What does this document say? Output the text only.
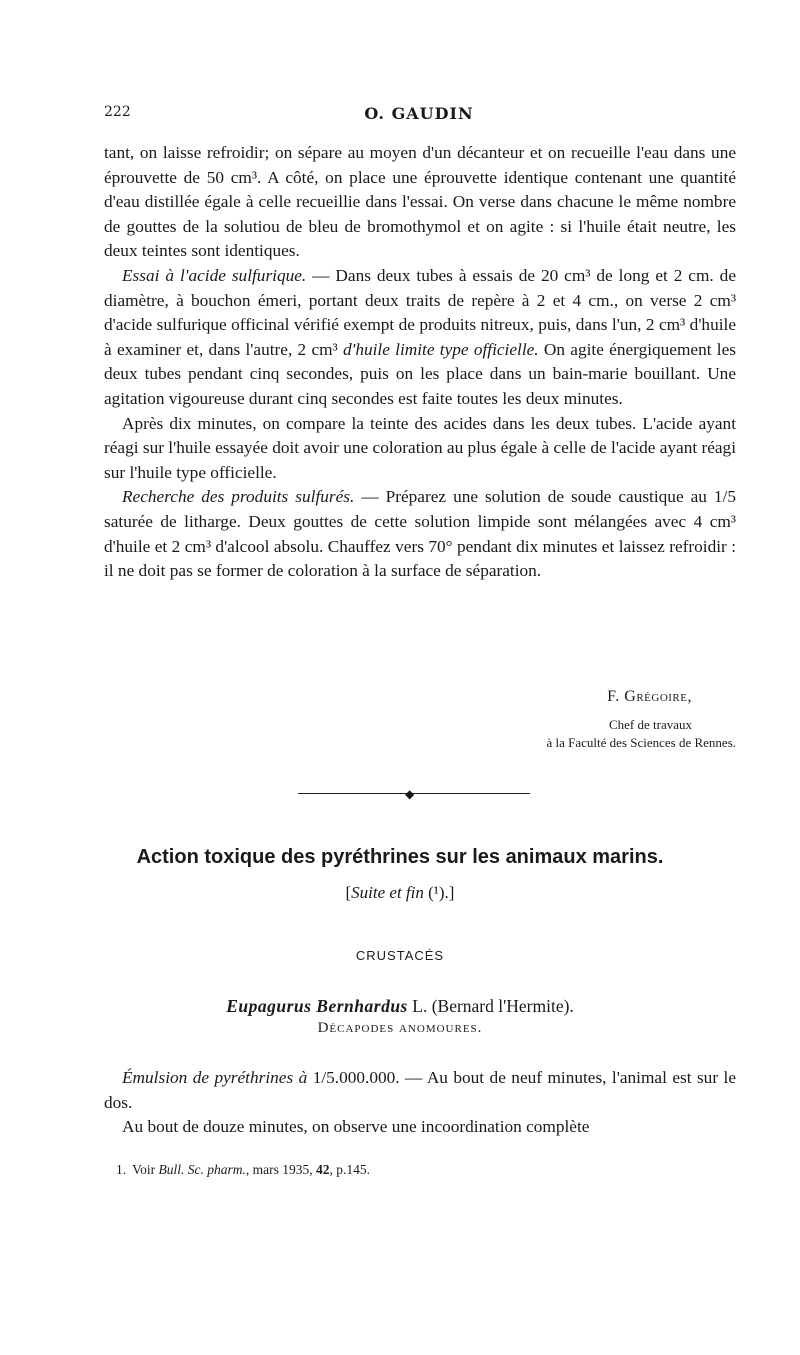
222	O. GAUDIN

tant, on laisse refroidir; on sépare au moyen d'un décanteur et on recueille l'eau dans une éprouvette de 50 cm³. A côté, on place une éprouvette identique contenant une quantité d'eau distillée égale à celle recueillie dans l'essai. On verse dans chacune le même nombre de gouttes de la solutiou de bleu de bromothymol et on agite : si l'huile était neutre, les deux teintes sont identiques.

Essai à l'acide sulfurique. — Dans deux tubes à essais de 20 cm³ de long et 2 cm. de diamètre, à bouchon émeri, portant deux traits de repère à 2 et 4 cm., on verse 2 cm³ d'acide sulfurique officinal vérifié exempt de produits nitreux, puis, dans l'un, 2 cm³ d'huile à examiner et, dans l'autre, 2 cm³ d'huile limite type officielle. On agite énergiquement les deux tubes pendant cinq secondes, puis on les place dans un bain-marie bouillant. Une agitation vigoureuse durant cinq secondes est faite toutes les deux minutes.

Après dix minutes, on compare la teinte des acides dans les deux tubes. L'acide ayant réagi sur l'huile essayée doit avoir une coloration au plus égale à celle de l'acide ayant réagi sur l'huile type officielle.

Recherche des produits sulfurés. — Préparez une solution de soude caustique au 1/5 saturée de litharge. Deux gouttes de cette solution limpide sont mélangées avec 4 cm³ d'huile et 2 cm³ d'alcool absolu. Chauffez vers 70° pendant dix minutes et laissez refroidir : il ne doit pas se former de coloration à la surface de séparation.

F. Grégoire,
Chef de travaux
à la Faculté des Sciences de Rennes.
◆
Action toxique des pyréthrines sur les animaux marins.
[Suite et fin (¹).]
CRUSTACÉS
Eupagurus Bernhardus L. (Bernard l'Hermite).
Décapodes anomoures.

Émulsion de pyréthrines à 1/5.000.000. — Au bout de neuf minutes, l'animal est sur le dos.

Au bout de douze minutes, on observe une incoordination complète

1. Voir Bull. Sc. pharm., mars 1935, 42, p.145.
